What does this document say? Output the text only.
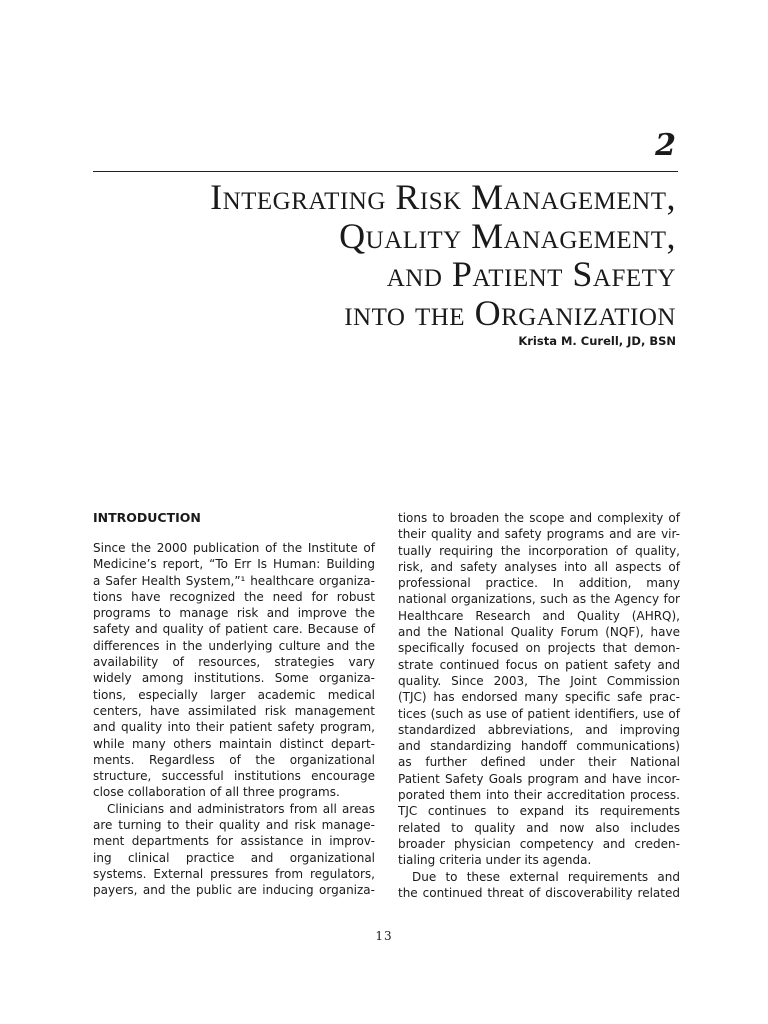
2
Integrating Risk Management,
Quality Management,
and Patient Safety
into the Organization

Krista M. Curell, JD, BSN

INTRODUCTION
Since the 2000 publication of the Institute of
Medicine’s report, “To Err Is Human: Building
a Safer Health System,”¹ healthcare organiza-
tions have recognized the need for robust
programs to manage risk and improve the
safety and quality of patient care. Because of
differences in the underlying culture and the
availability of resources, strategies vary
widely among institutions. Some organiza-
tions, especially larger academic medical
centers, have assimilated risk management
and quality into their patient safety program,
while many others maintain distinct depart-
ments. Regardless of the organizational
structure, successful institutions encourage
close collaboration of all three programs.
Clinicians and administrators from all areas
are turning to their quality and risk manage-
ment departments for assistance in improv-
ing clinical practice and organizational
systems. External pressures from regulators,
payers, and the public are inducing organiza-
tions to broaden the scope and complexity of
their quality and safety programs and are vir-
tually requiring the incorporation of quality,
risk, and safety analyses into all aspects of
professional practice. In addition, many
national organizations, such as the Agency for
Healthcare Research and Quality (AHRQ),
and the National Quality Forum (NQF), have
specifically focused on projects that demon-
strate continued focus on patient safety and
quality. Since 2003, The Joint Commission
(TJC) has endorsed many specific safe prac-
tices (such as use of patient identifiers, use of
standardized abbreviations, and improving
and standardizing handoff communications)
as further defined under their National
Patient Safety Goals program and have incor-
porated them into their accreditation process.
TJC continues to expand its requirements
related to quality and now also includes
broader physician competency and creden-
tialing criteria under its agenda.
Due to these external requirements and
the continued threat of discoverability related

13
